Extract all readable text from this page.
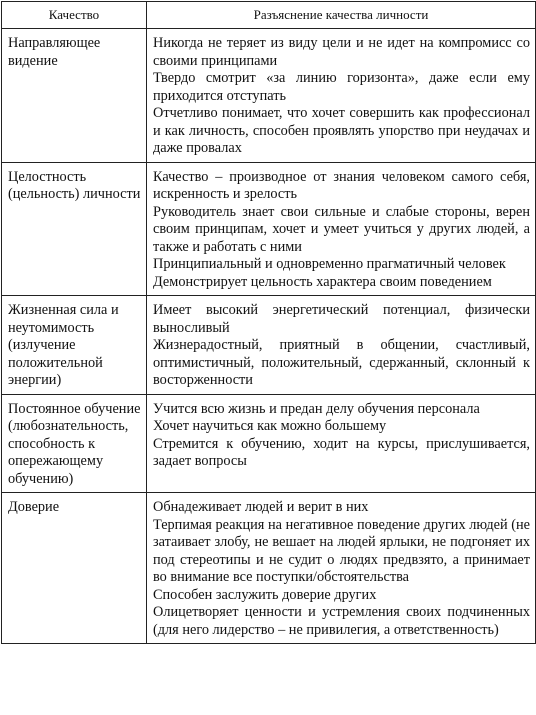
Качество	Разъяснение качества личности
Направляющее видение	Никогда не теряет из виду цели и не идет на компромисс со своими принципами
Твердо смотрит «за линию горизонта», даже если ему приходится отступать
Отчетливо понимает, что хочет совершить как профессионал и как личность, способен проявлять упорство при неудачах и даже провалах

Целостность (цельность) личности	Качество – производное от знания человеком самого себя, искренность и зрелость
Руководитель знает свои сильные и слабые стороны, верен своим принципам, хочет и умеет учиться у других людей, а также и работать с ними
Принципиальный и одновременно прагматичный человек
Демонстрирует цельность характера своим поведением

Жизненная сила и неутомимость (излучение положительной энергии)	Имеет высокий энергетический потенциал, физически выносливый
Жизнерадостный, приятный в общении, счастливый, оптимистичный, положительный, сдержанный, склонный к восторженности

Постоянное обучение (любознательность, способность к опережающему обучению)	Учится всю жизнь и предан делу обучения персонала
Хочет научиться как можно большему
Стремится к обучению, ходит на курсы, прислушивается, задает вопросы

Доверие	Обнадеживает людей и верит в них
Терпимая реакция на негативное поведение других людей (не затаивает злобу, не вешает на людей ярлыки, не подгоняет их под стереотипы и не судит о людях предвзято, а принимает во внимание все поступки/обстоятельства
Способен заслужить доверие других
Олицетворяет ценности и устремления своих подчиненных (для него лидерство – не привилегия, а ответственность)
